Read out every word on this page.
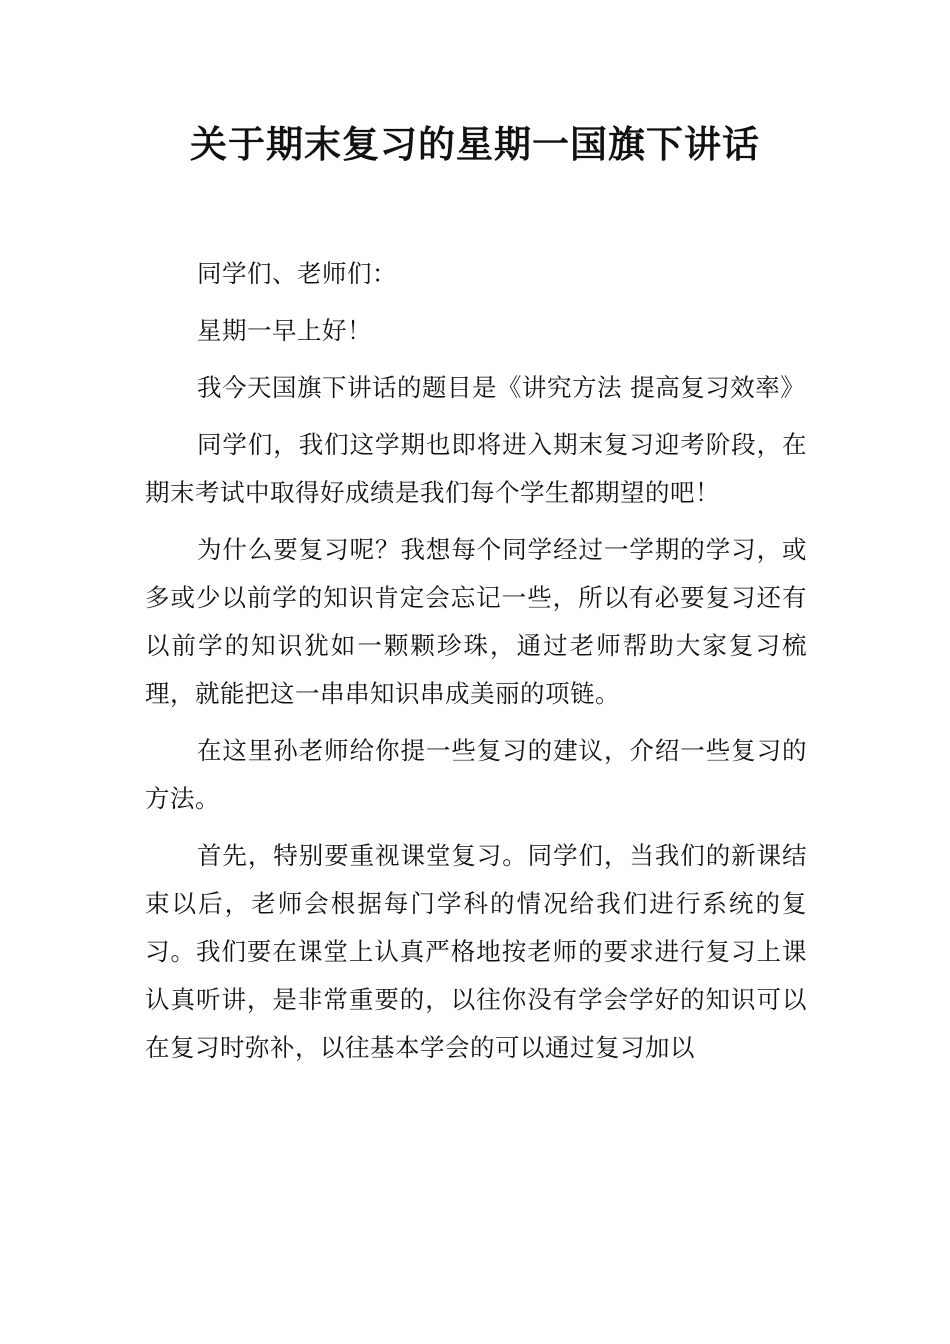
关于期末复习的星期一国旗下讲话

同学们、老师们：

星期一早上好！

我今天国旗下讲话的题目是《讲究方法 提高复习效率》

同学们，我们这学期也即将进入期末复习迎考阶段，在期末考试中取得好成绩是我们每个学生都期望的吧！

为什么要复习呢？我想每个同学经过一学期的学习，或多或少以前学的知识肯定会忘记一些，所以有必要复习还有以前学的知识犹如一颗颗珍珠，通过老师帮助大家复习梳理，就能把这一串串知识串成美丽的项链。

在这里孙老师给你提一些复习的建议，介绍一些复习的方法。

首先，特别要重视课堂复习。同学们，当我们的新课结束以后，老师会根据每门学科的情况给我们进行系统的复习。我们要在课堂上认真严格地按老师的要求进行复习上课认真听讲，是非常重要的，以往你没有学会学好的知识可以在复习时弥补，以往基本学会的可以通过复习加以
